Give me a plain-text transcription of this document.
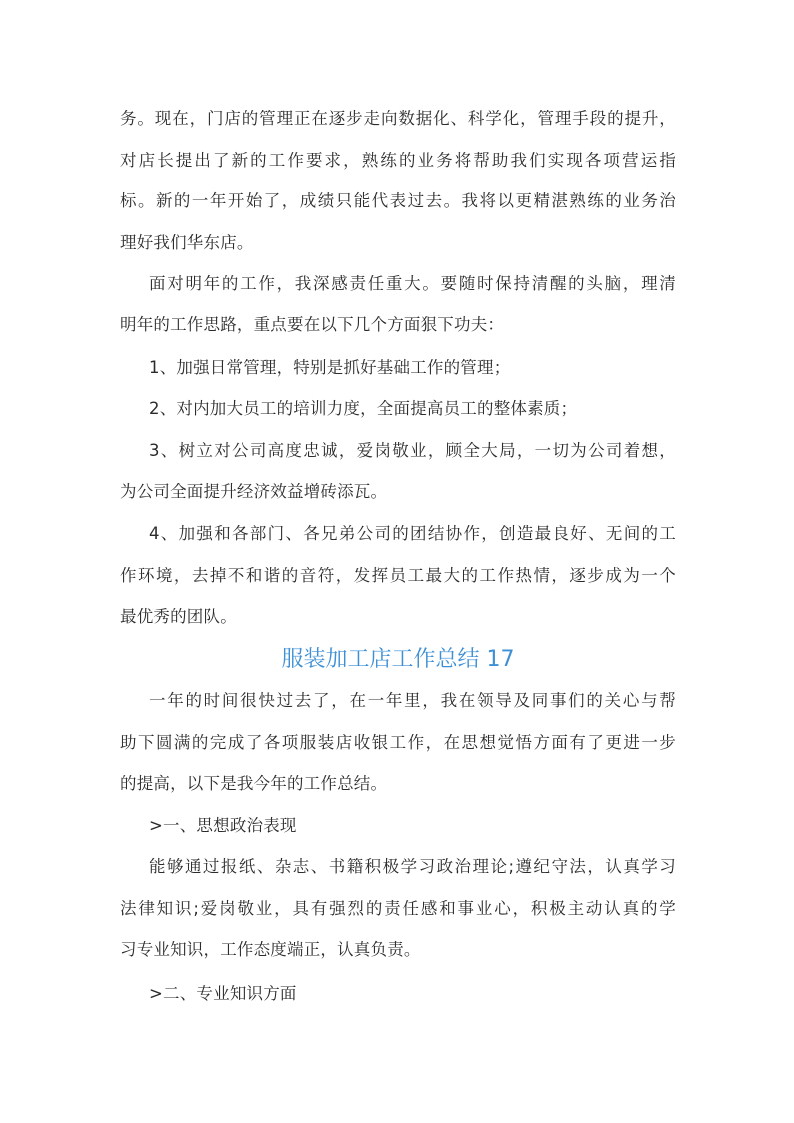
务。现在，门店的管理正在逐步走向数据化、科学化，管理手段的提升，
对店长提出了新的工作要求，熟练的业务将帮助我们实现各项营运指
标。新的一年开始了，成绩只能代表过去。我将以更精湛熟练的业务治
理好我们华东店。
面对明年的工作，我深感责任重大。要随时保持清醒的头脑，理清
明年的工作思路，重点要在以下几个方面狠下功夫：
1、加强日常管理，特别是抓好基础工作的管理；
2、对内加大员工的培训力度，全面提高员工的整体素质；
3、树立对公司高度忠诚，爱岗敬业，顾全大局，一切为公司着想，
为公司全面提升经济效益增砖添瓦。
4、加强和各部门、各兄弟公司的团结协作，创造最良好、无间的工
作环境，去掉不和谐的音符，发挥员工最大的工作热情，逐步成为一个
最优秀的团队。
服装加工店工作总结 17
一年的时间很快过去了，在一年里，我在领导及同事们的关心与帮
助下圆满的完成了各项服装店收银工作，在思想觉悟方面有了更进一步
的提高，以下是我今年的工作总结。
>一、思想政治表现
能够通过报纸、杂志、书籍积极学习政治理论;遵纪守法，认真学习
法律知识;爱岗敬业，具有强烈的责任感和事业心，积极主动认真的学
习专业知识，工作态度端正，认真负责。
>二、专业知识方面
